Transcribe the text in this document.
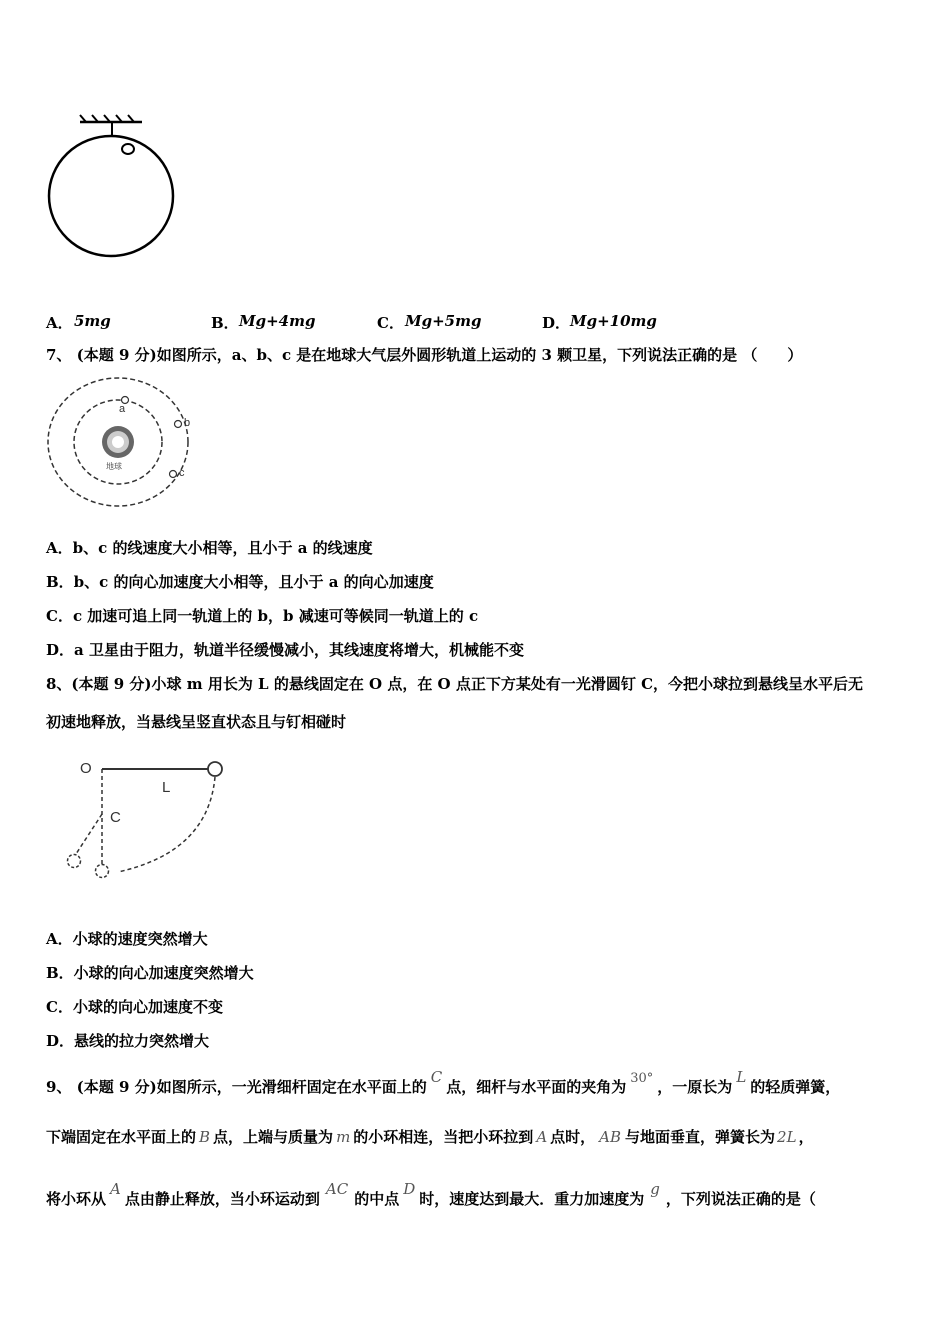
A． 5mg	B． Mg+4mg	C． Mg+5mg	D． Mg+10mg
7、 (本题 9 分)如图所示，a、b、c 是在地球大气层外圆形轨道上运动的 3 颗卫星，下列说法正确的是 （　　）
a
b
c
地球
A．b、c 的线速度大小相等，且小于 a 的线速度
B．b、c 的向心加速度大小相等，且小于 a 的向心加速度
C．c 加速可追上同一轨道上的 b，b 减速可等候同一轨道上的 c
D．a 卫星由于阻力，轨道半径缓慢减小，其线速度将增大，机械能不变
8、(本题 9 分)小球 m 用长为 L 的悬线固定在 O 点，在 O 点正下方某处有一光滑圆钉 C，今把小球拉到悬线呈水平后无
初速地释放，当悬线呈竖直状态且与钉相碰时
O
L
C
A．小球的速度突然增大
B．小球的向心加速度突然增大
C．小球的向心加速度不变
D．悬线的拉力突然增大
9、 (本题 9 分)如图所示，一光滑细杆固定在水平面上的C点，细杆与水平面的夹角为 30° ，一原长为L的轻质弹簧，
下端固定在水平面上的 B 点，上端与质量为 m 的小环相连，当把小环拉到 A 点时， AB 与地面垂直，弹簧长为 2L ，
将小环从A点由静止释放，当小环运动到AC的中点D时，速度达到最大．重力加速度为g，下列说法正确的是（
